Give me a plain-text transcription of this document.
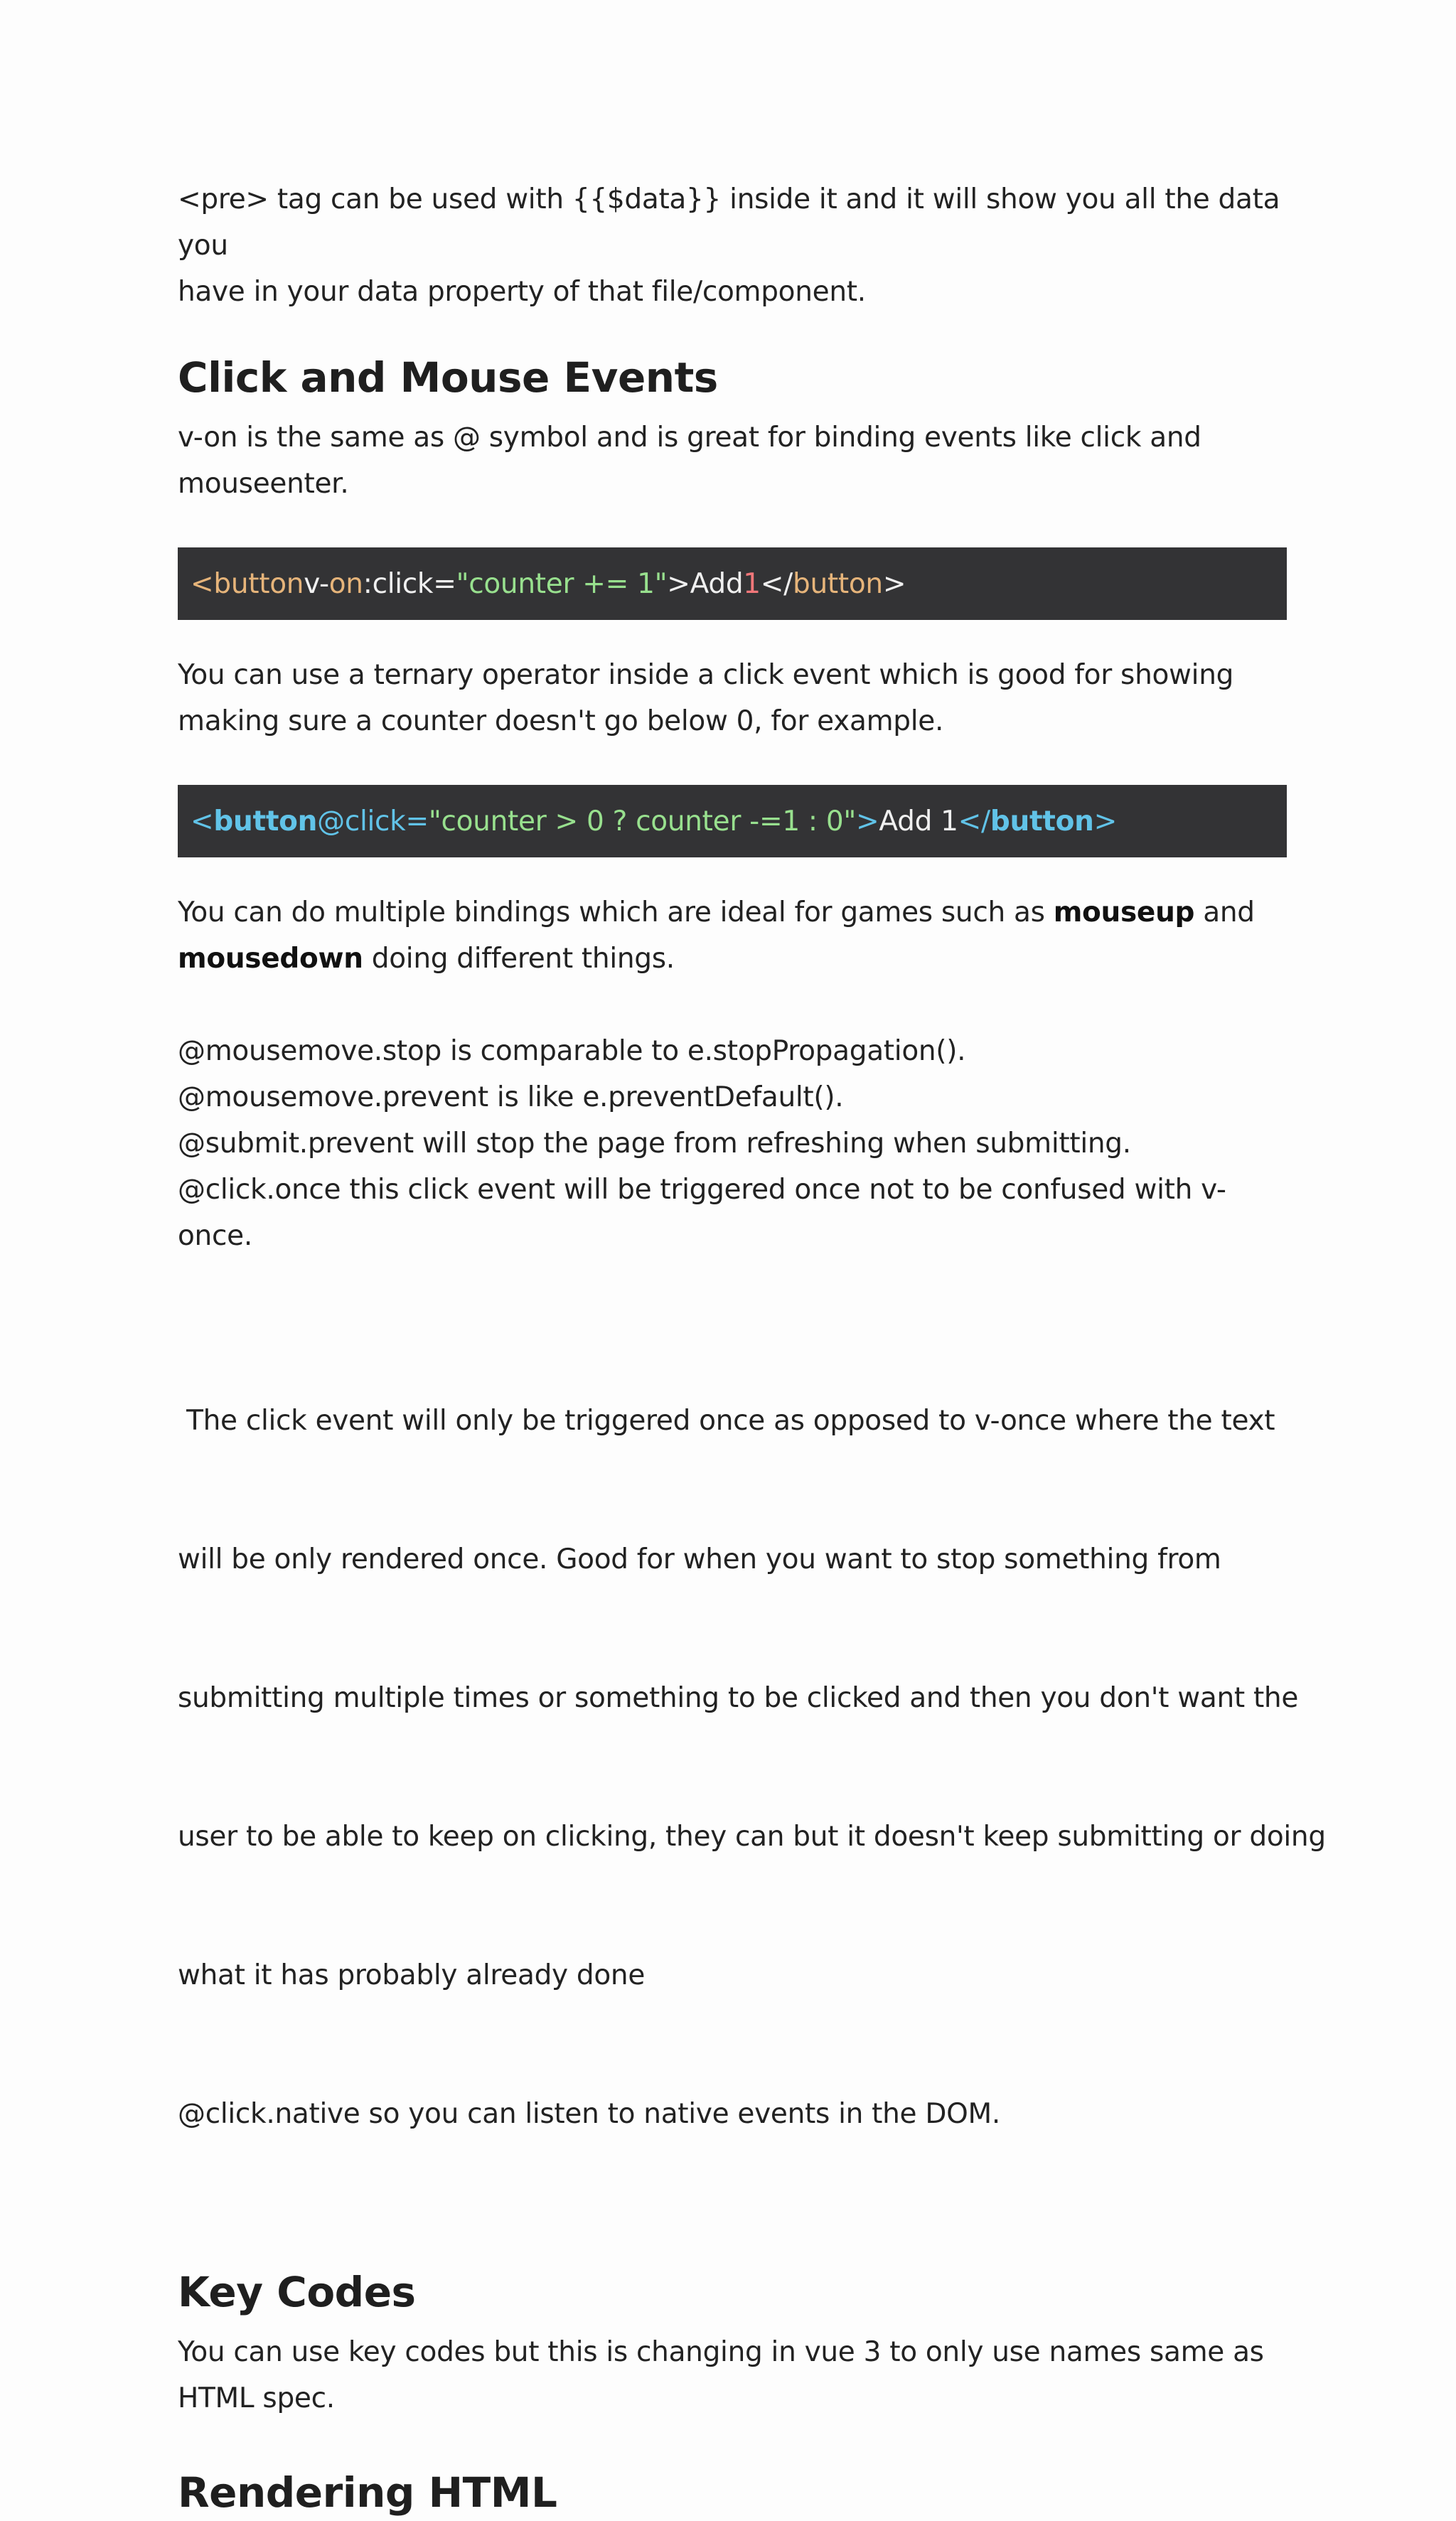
<pre> tag can be used with {{$data}} inside it and it will show you all the data you
have in your data property of that file/component.

Click and Mouse Events

v-on is the same as @ symbol and is great for binding events like click and
mouseenter.

< button v- on :click= "counter += 1" >Add 1 </ button >

You can use a ternary operator inside a click event which is good for showing
making sure a counter doesn't go below 0, for example.

< button @click= "counter > 0 ? counter -=1 : 0" > Add 1 </ button >

You can do multiple bindings which are ideal for games such as mouseup and
mousedown doing different things.

@mousemove.stop is comparable to e.stopPropagation().
@mousemove.prevent is like e.preventDefault().
@submit.prevent will stop the page from refreshing when submitting.
@click.once this click event will be triggered once not to be confused with v-once.

The click event will only be triggered once as opposed to v-once where the text

will be only rendered once. Good for when you want to stop something from

submitting multiple times or something to be clicked and then you don't want the

user to be able to keep on clicking, they can but it doesn't keep submitting or doing

what it has probably already done

@click.native so you can listen to native events in the DOM.

Key Codes

You can use key codes but this is changing in vue 3 to only use names same as
HTML spec.

Rendering HTML
